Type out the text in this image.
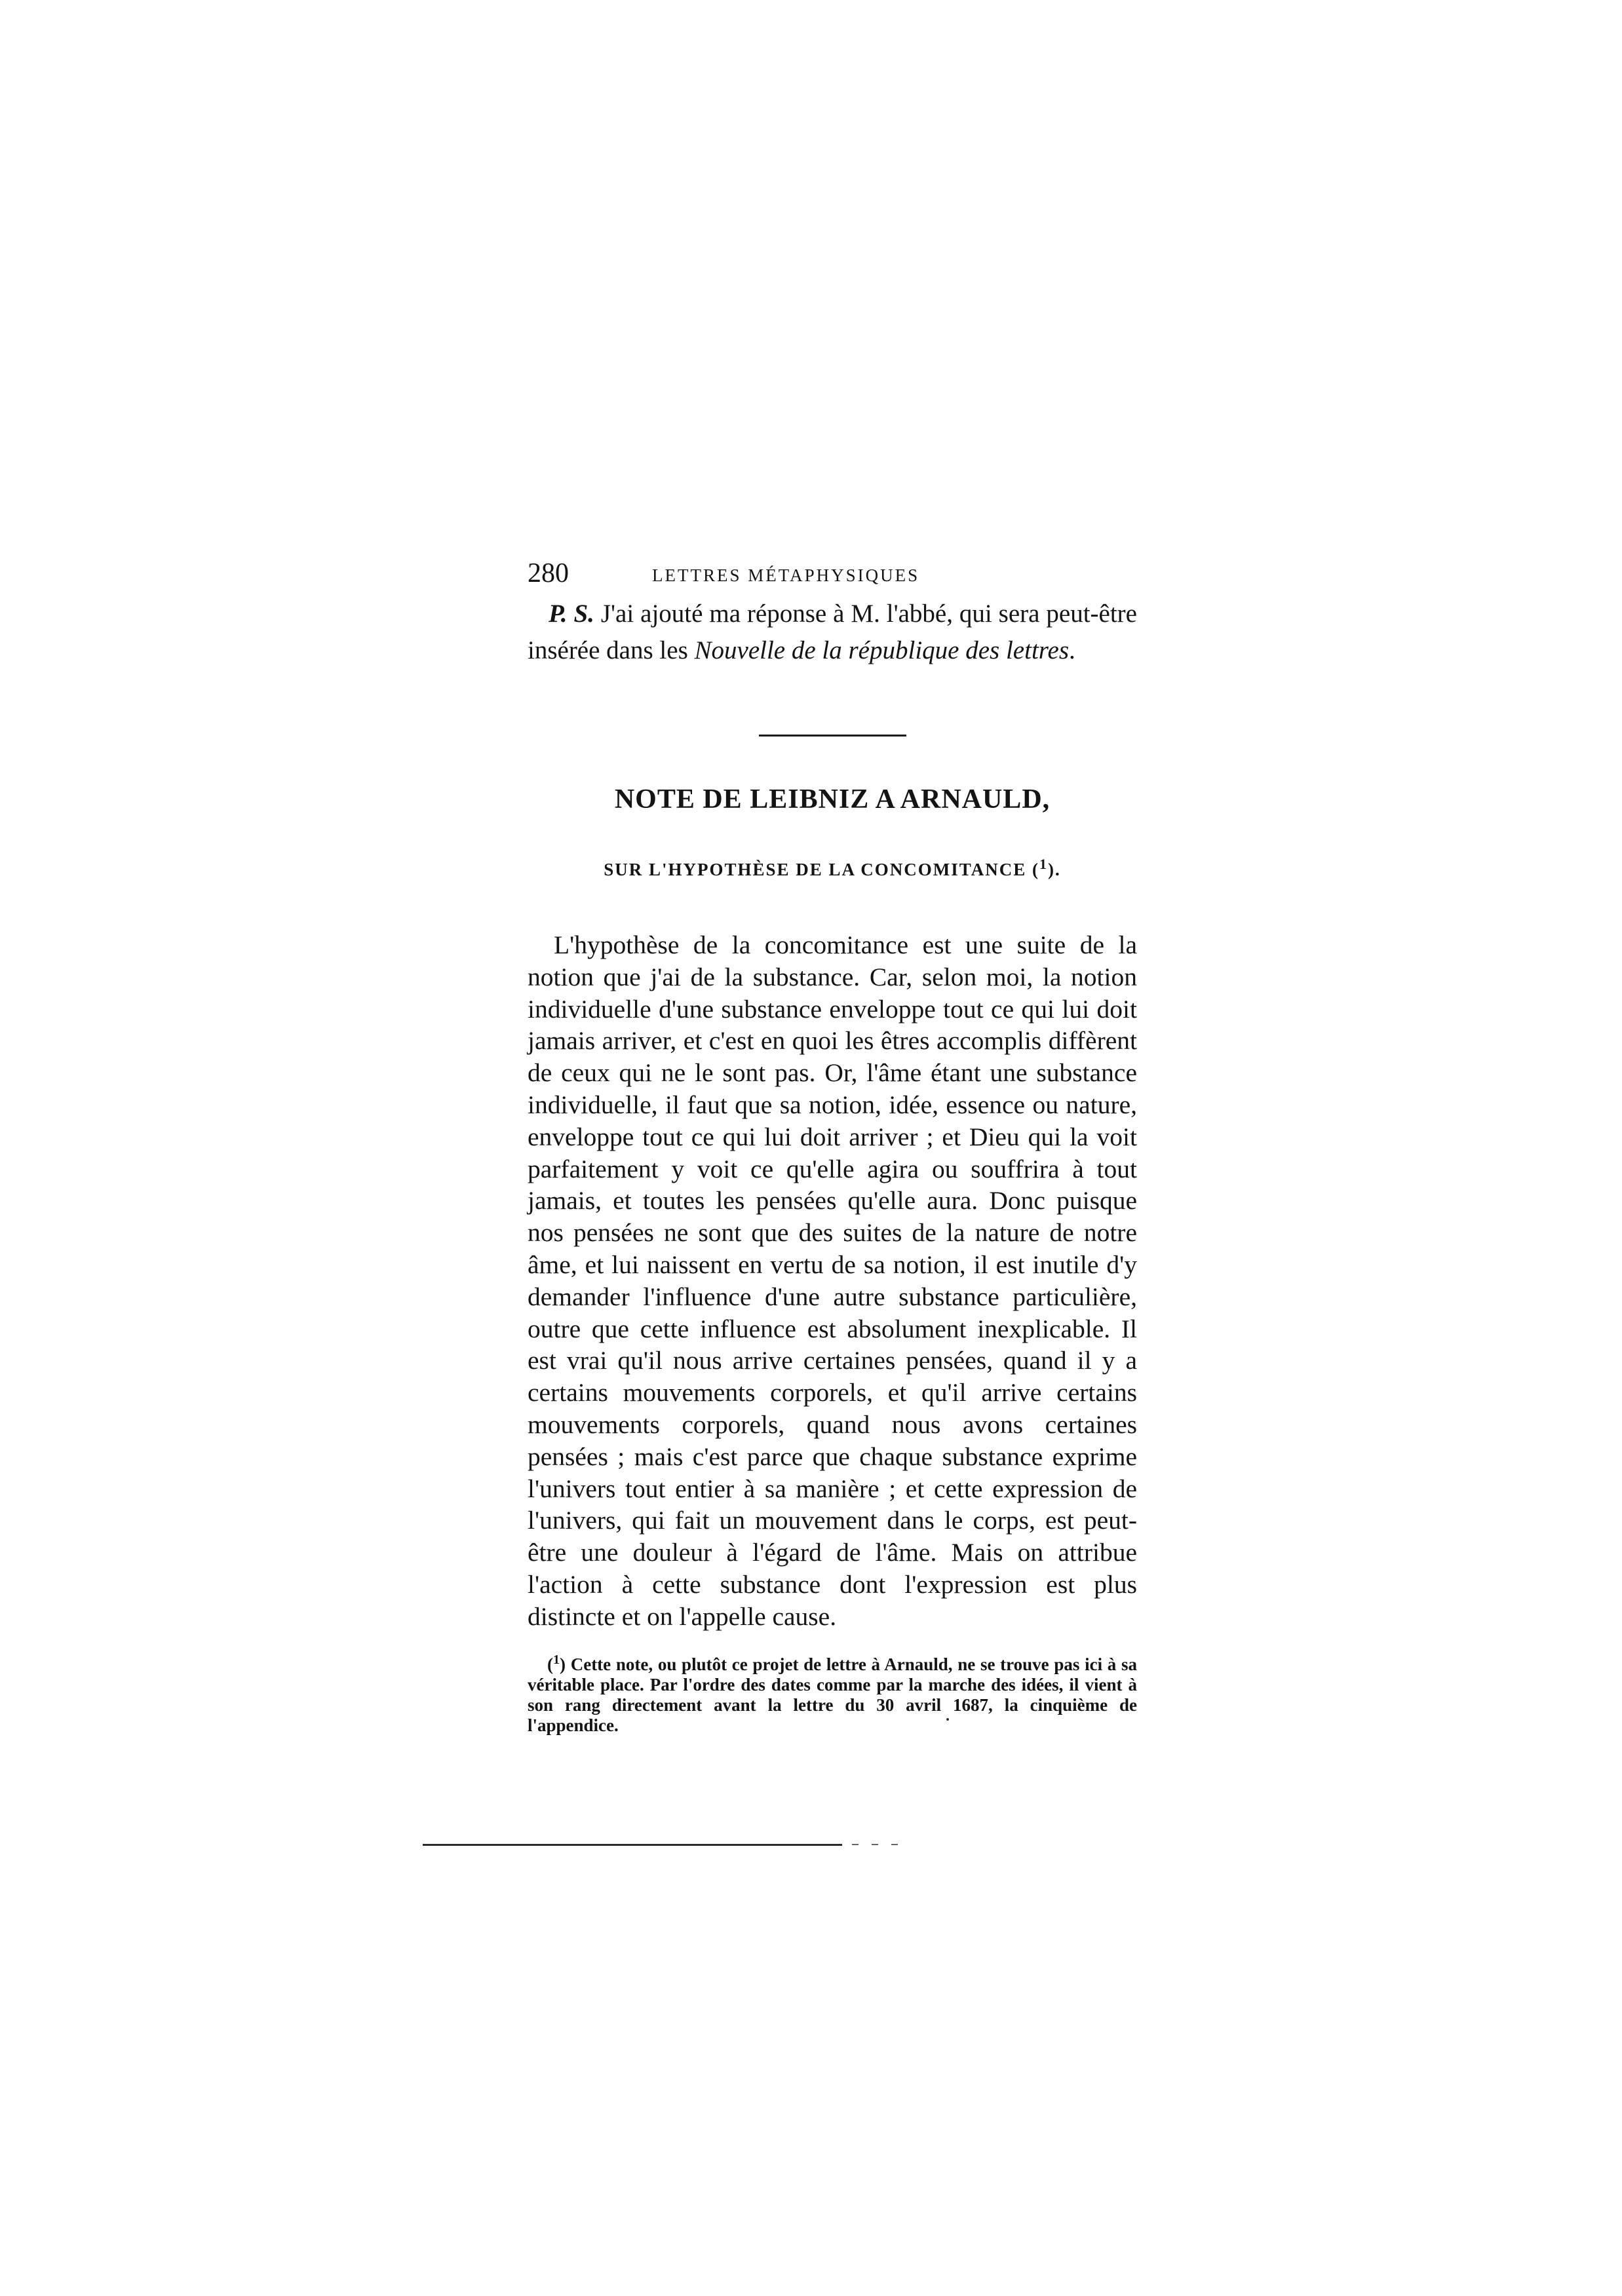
280	LETTRES MÉTAPHYSIQUES

P. S. J'ai ajouté ma réponse à M. l'abbé, qui sera peut-être insérée dans les Nouvelle de la république des lettres.

NOTE DE LEIBNIZ A ARNAULD,
SUR L'HYPOTHÈSE DE LA CONCOMITANCE ($^1$).

L'hypothèse de la concomitance est une suite de la notion que j'ai de la substance. Car, selon moi, la notion individuelle d'une substance enveloppe tout ce qui lui doit jamais arriver, et c'est en quoi les êtres accomplis diffèrent de ceux qui ne le sont pas. Or, l'âme étant une substance individuelle, il faut que sa notion, idée, essence ou nature, enveloppe tout ce qui lui doit arriver ; et Dieu qui la voit parfaitement y voit ce qu'elle agira ou souffrira à tout jamais, et toutes les pensées qu'elle aura. Donc puisque nos pensées ne sont que des suites de la nature de notre âme, et lui naissent en vertu de sa notion, il est inutile d'y demander l'influence d'une autre substance particulière, outre que cette influence est absolument inexplicable. Il est vrai qu'il nous arrive certaines pensées, quand il y a certains mouvements corporels, et qu'il arrive certains mouvements corporels, quand nous avons certaines pensées ; mais c'est parce que chaque substance exprime l'univers tout entier à sa manière ; et cette expression de l'univers, qui fait un mouvement dans le corps, est peut-être une douleur à l'égard de l'âme. Mais on attribue l'action à cette substance dont l'expression est plus distincte et on l'appelle cause.

($^1$) Cette note, ou plutôt ce projet de lettre à Arnauld, ne se trouve pas ici à sa véritable place. Par l'ordre des dates comme par la marche des idées, il vient à son rang directement avant la lettre du 30 avril 1687, la cinquième de l'appendice.
